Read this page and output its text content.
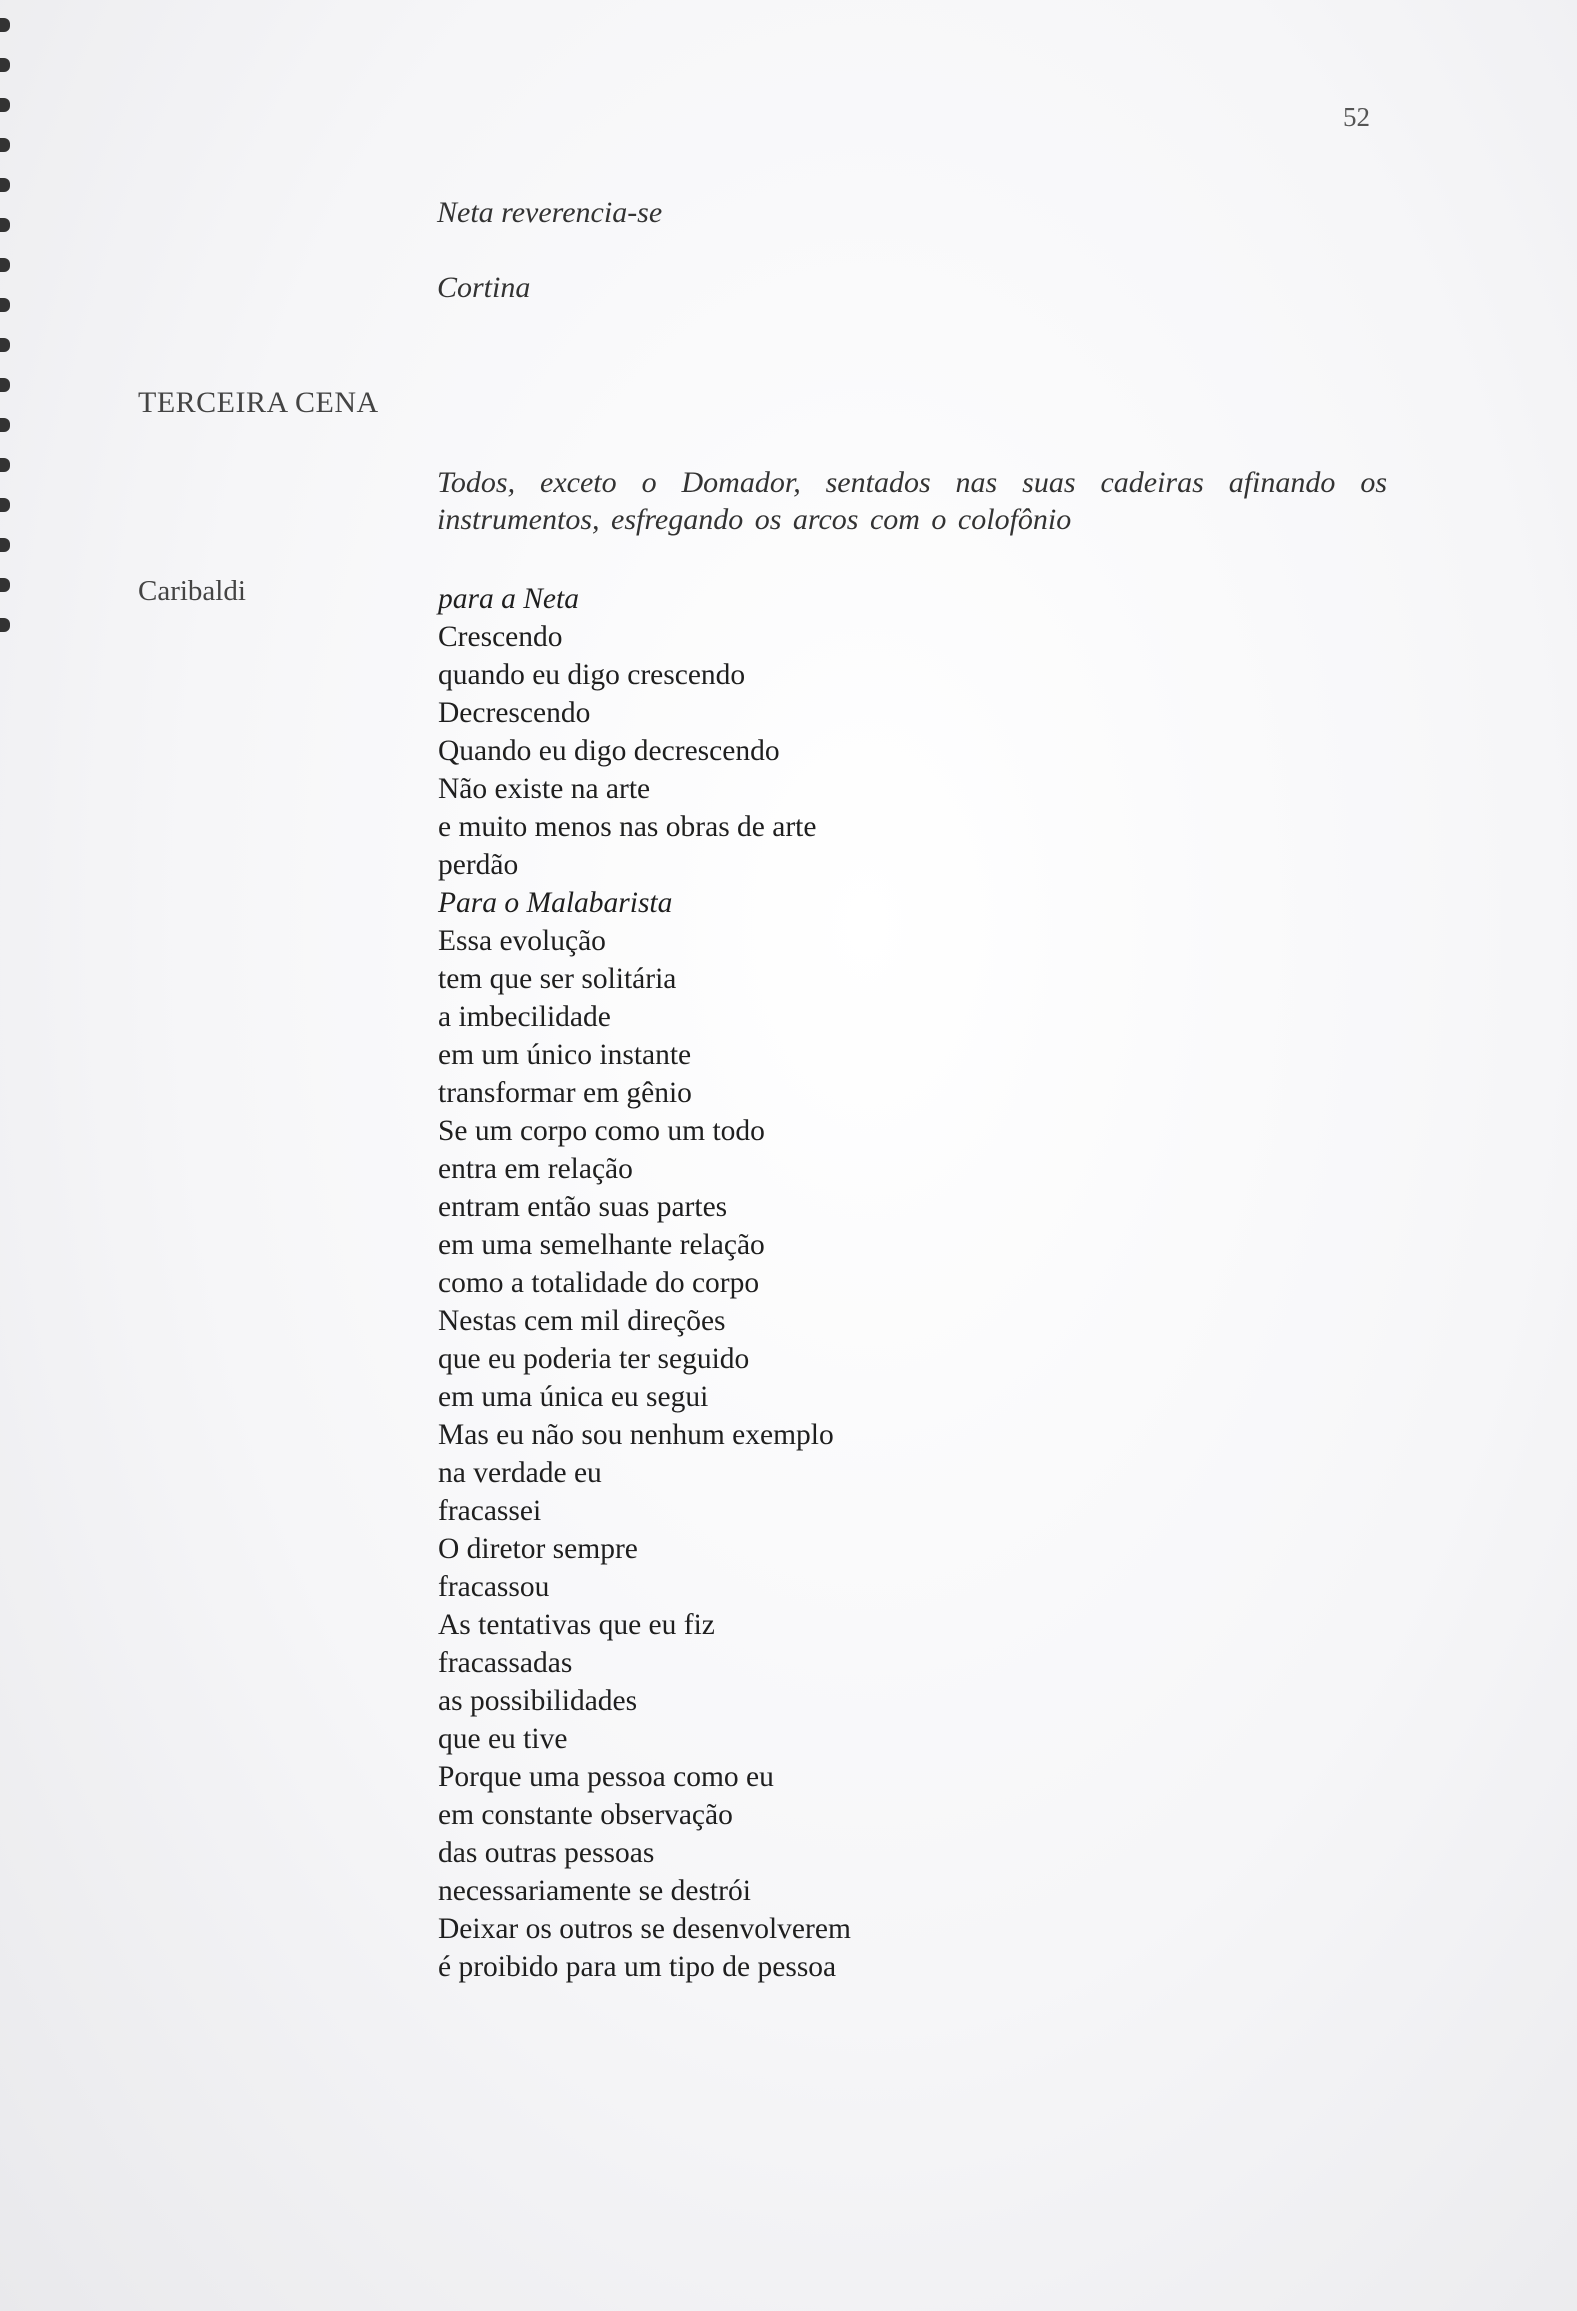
52
Neta reverencia-se
Cortina
TERCEIRA CENA
Todos, exceto o Domador, sentados nas suas cadeiras afinando os instrumentos, esfregando os arcos com o colofônio
Caribaldi	para a Neta
Crescendo
quando eu digo crescendo
Decrescendo
Quando eu digo decrescendo
Não existe na arte
e muito menos nas obras de arte
perdão
Para o Malabarista
Essa evolução
tem que ser solitária
a imbecilidade
em um único instante
transformar em gênio
Se um corpo como um todo
entra em relação
entram então suas partes
em uma semelhante relação
como a totalidade do corpo
Nestas cem mil direções
que eu poderia ter seguido
em uma única eu segui
Mas eu não sou nenhum exemplo
na verdade eu
fracassei
O diretor sempre
fracassou
As tentativas que eu fiz
fracassadas
as possibilidades
que eu tive
Porque uma pessoa como eu
em constante observação
das outras pessoas
necessariamente se destrói
Deixar os outros se desenvolverem
é proibido para um tipo de pessoa
